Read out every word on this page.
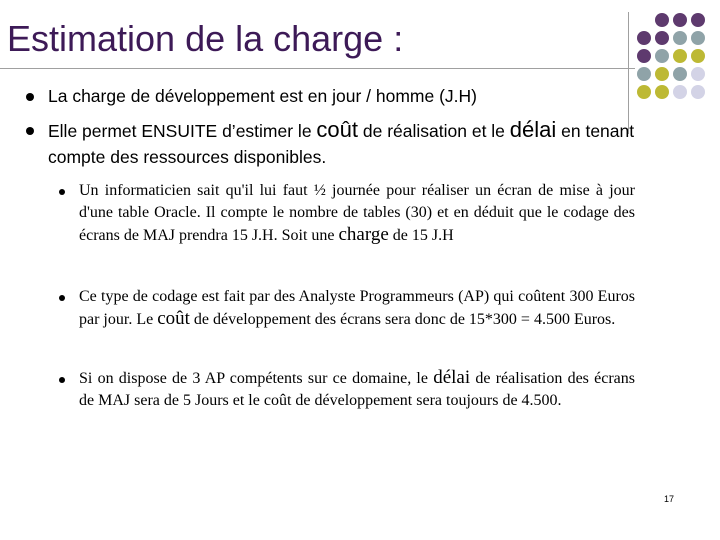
Estimation de la charge :
La charge de développement est en jour / homme (J.H)
Elle permet ENSUITE d’estimer le coût de réalisation et le délai en tenant compte des ressources disponibles.
Un informaticien sait qu'il lui faut ½ journée pour réaliser un écran de mise à jour d'une table Oracle. Il compte le nombre de tables (30) et en déduit que le codage des écrans de MAJ prendra 15 J.H. Soit une charge de 15 J.H
Ce type de codage est fait par des Analyste Programmeurs (AP) qui coûtent 300 Euros par jour. Le coût de développement des écrans sera donc de 15*300 = 4.500 Euros.
Si on dispose de 3 AP compétents sur ce domaine, le délai de réalisation des écrans de MAJ sera de 5 Jours et le coût de développement sera toujours de 4.500.
17
